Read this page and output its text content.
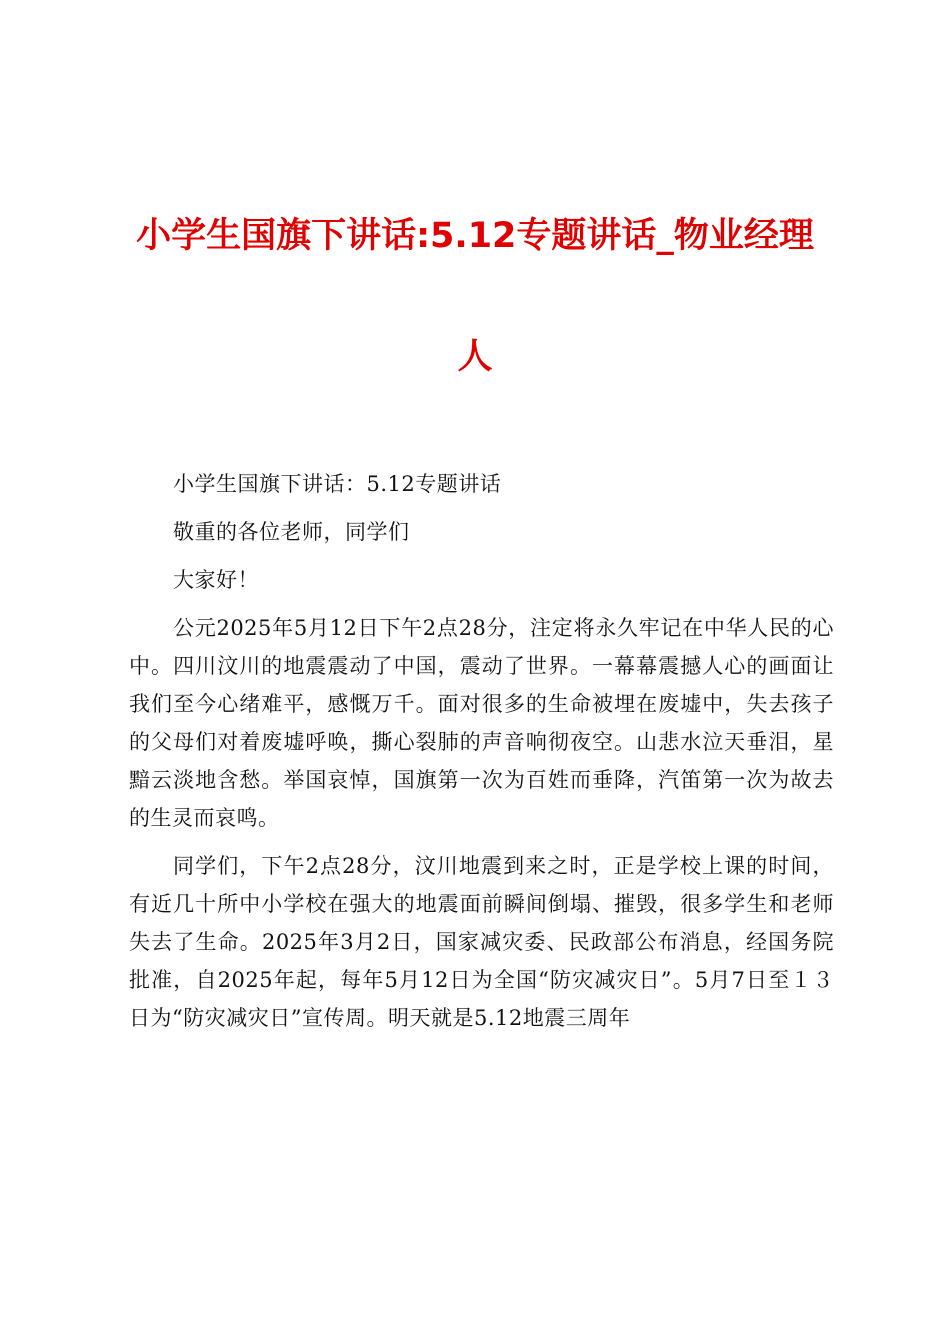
小学生国旗下讲话:5.12专题讲话_物业经理
人

小学生国旗下讲话：5.12专题讲话

敬重的各位老师，同学们

大家好！

公元2025年5月12日下午2点28分，注定将永久牢记在中华人民的心中。四川汶川的地震震动了中国，震动了世界。一幕幕震撼人心的画面让我们至今心绪难平，感慨万千。面对很多的生命被埋在废墟中，失去孩子的父母们对着废墟呼唤，撕心裂肺的声音响彻夜空。山悲水泣天垂泪，星黯云淡地含愁。举国哀悼，国旗第一次为百姓而垂降，汽笛第一次为故去的生灵而哀鸣。

同学们，下午2点28分，汶川地震到来之时，正是学校上课的时间，有近几十所中小学校在强大的地震面前瞬间倒塌、摧毁，很多学生和老师失去了生命。2025年3月2日，国家减灾委、民政部公布消息，经国务院批准，自2025年起，每年5月12日为全国“防灾减灾日”。5月7日至１３日为“防灾减灾日”宣传周。明天就是5.12地震三周年
